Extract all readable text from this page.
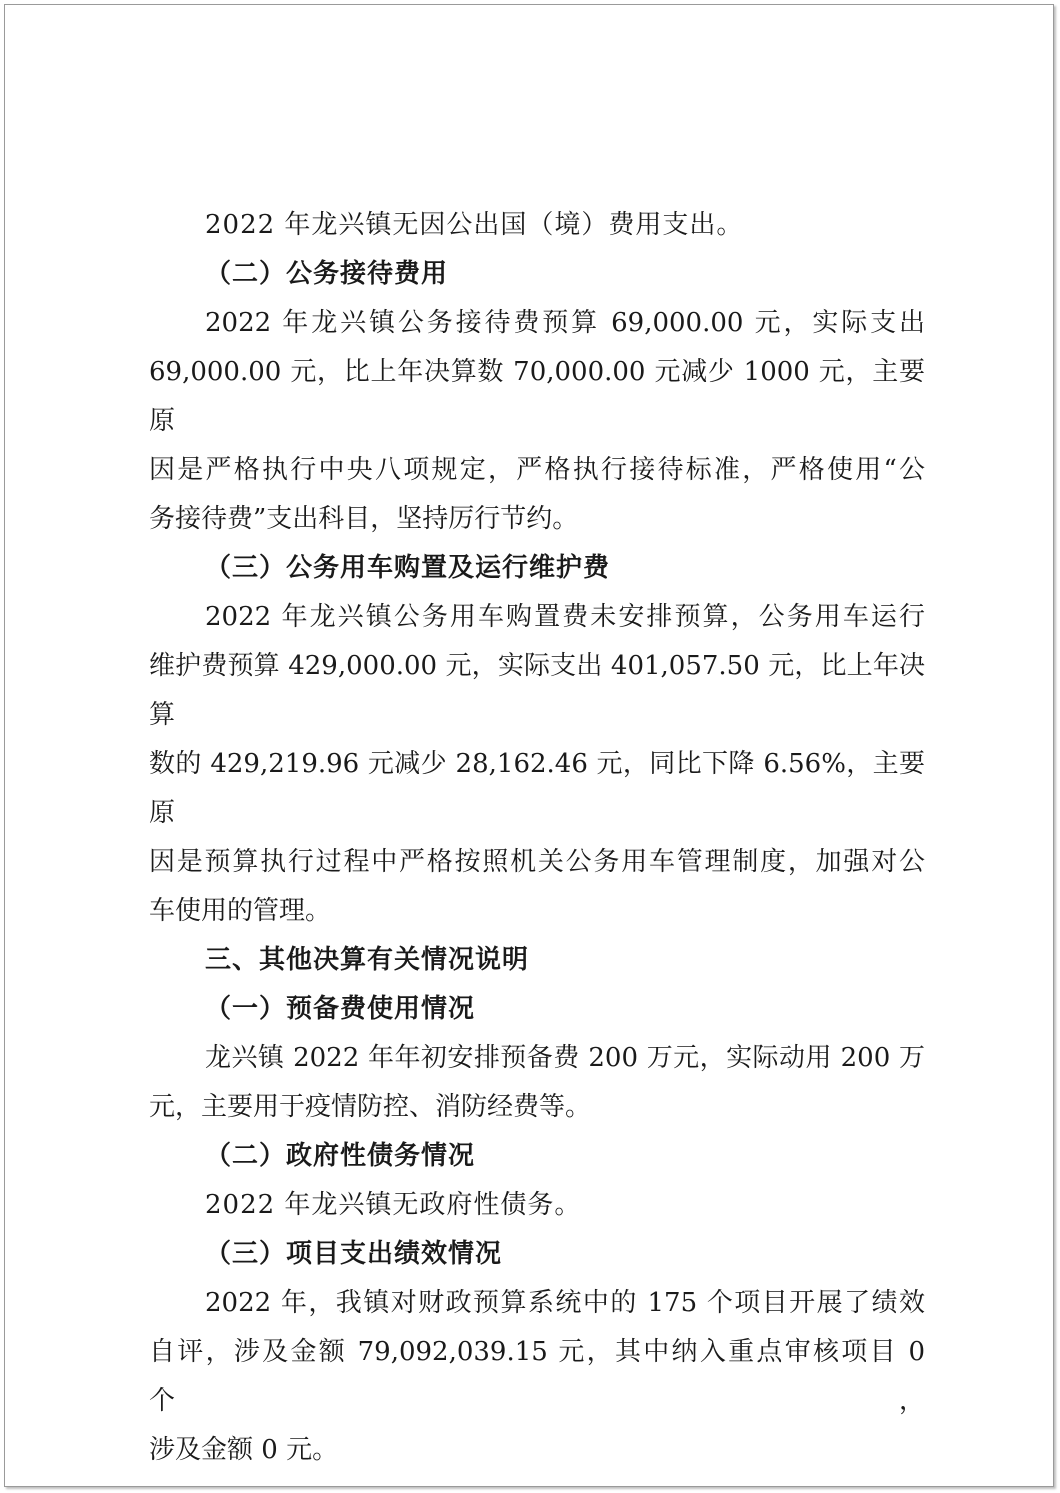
2022 年龙兴镇无因公出国（境）费用支出。

（二）公务接待费用

2022 年龙兴镇公务接待费预算 69,000.00 元，实际支出
69,000.00 元，比上年决算数 70,000.00 元减少 1000 元，主要原
因是严格执行中央八项规定，严格执行接待标准，严格使用“公
务接待费”支出科目，坚持厉行节约。

（三）公务用车购置及运行维护费

2022 年龙兴镇公务用车购置费未安排预算，公务用车运行
维护费预算 429,000.00 元，实际支出 401,057.50 元，比上年决算
数的 429,219.96 元减少 28,162.46 元，同比下降 6.56%，主要原
因是预算执行过程中严格按照机关公务用车管理制度，加强对公
车使用的管理。

三、其他决算有关情况说明

（一）预备费使用情况

龙兴镇 2022 年年初安排预备费 200 万元，实际动用 200 万
元，主要用于疫情防控、消防经费等。

（二）政府性债务情况

2022 年龙兴镇无政府性债务。

（三）项目支出绩效情况

2022 年，我镇对财政预算系统中的 175 个项目开展了绩效
自评，涉及金额 79,092,039.15 元，其中纳入重点审核项目 0 个，
涉及金额 0 元。
